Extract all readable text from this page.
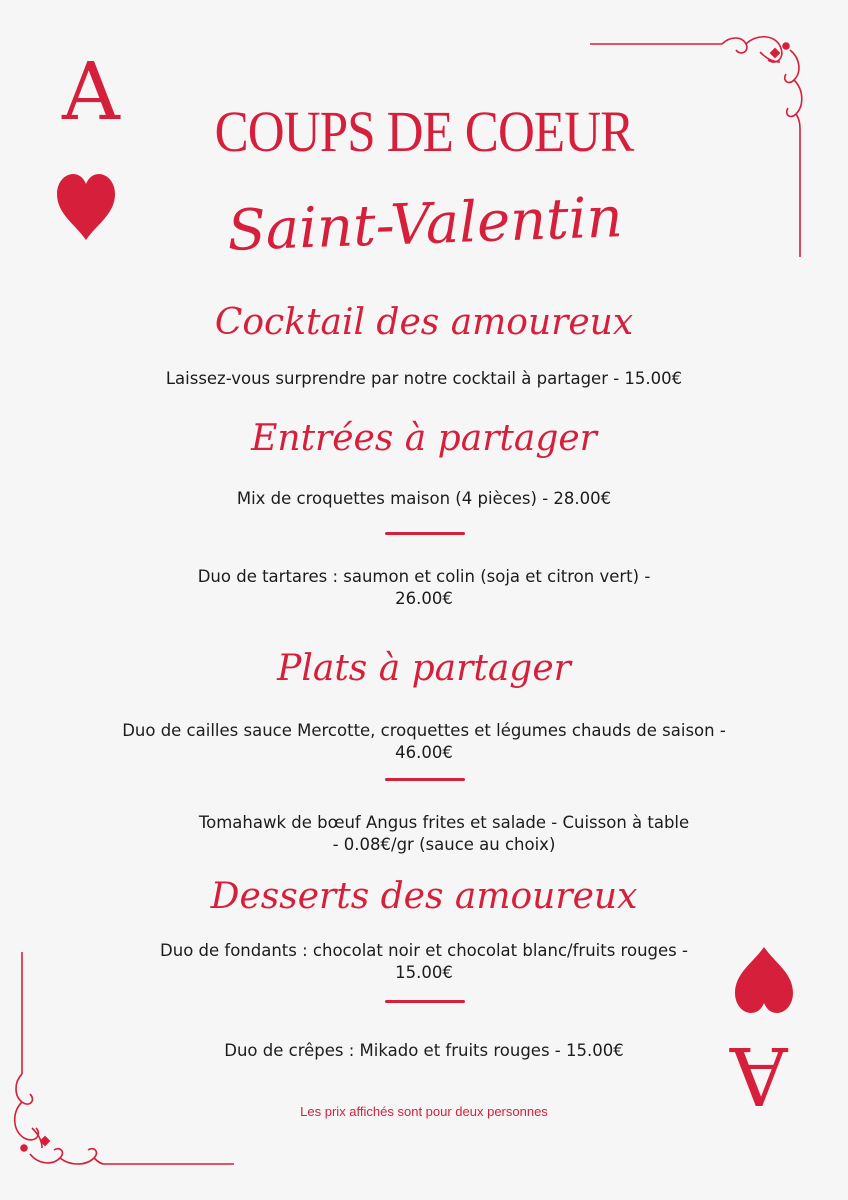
A
A
COUPS DE COEUR
Saint-Valentin
Cocktail des amoureux
Laissez-vous surprendre par notre cocktail à partager - 15.00€
Entrées à partager
Mix de croquettes maison (4 pièces) - 28.00€
Duo de tartares : saumon et colin (soja et citron vert) - 26.00€
Plats à partager
Duo de cailles sauce Mercotte, croquettes et légumes chauds de saison - 46.00€
Tomahawk de bœuf Angus frites et salade - Cuisson à table - 0.08€/gr (sauce au choix)
Desserts des amoureux
Duo de fondants : chocolat noir et chocolat blanc/fruits rouges - 15.00€
Duo de crêpes : Mikado et fruits rouges - 15.00€
Les prix affichés sont pour deux personnes
